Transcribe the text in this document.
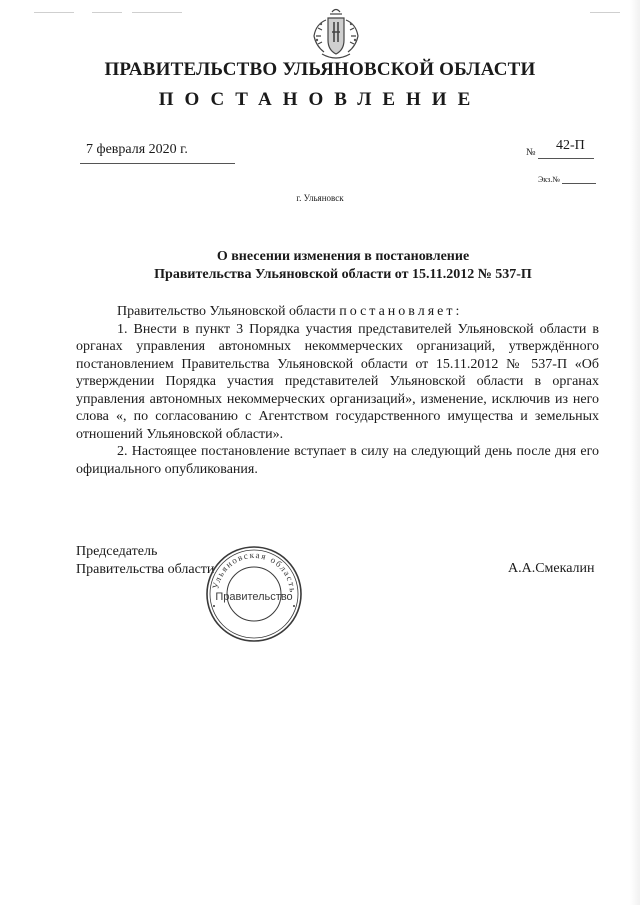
ПРАВИТЕЛЬСТВО УЛЬЯНОВСКОЙ ОБЛАСТИ
ПОСТАНОВЛЕНИЕ
7 февраля 2020 г.	№ 42-П
Экз.№
г. Ульяновск
О внесении изменения в постановление
Правительства Ульяновской области от 15.11.2012 № 537-П

Правительство Ульяновской области постановляет:

1. Внести в пункт 3 Порядка участия представителей Ульяновской области в органах управления автономных некоммерческих организаций, утверждённого постановлением Правительства Ульяновской области от 15.11.2012 № 537-П «Об утверждении Порядка участия представителей Ульяновской области в органах управления автономных некоммерческих организаций», изменение, исключив из него слова «, по согласованию с Агентством государственного имущества и земельных отношений Ульяновской области».

2. Настоящее постановление вступает в силу на следующий день после дня его официального опубликования.

Председатель
Правительства области	А.А.Смекалин
Ульяновская область
Правительство
